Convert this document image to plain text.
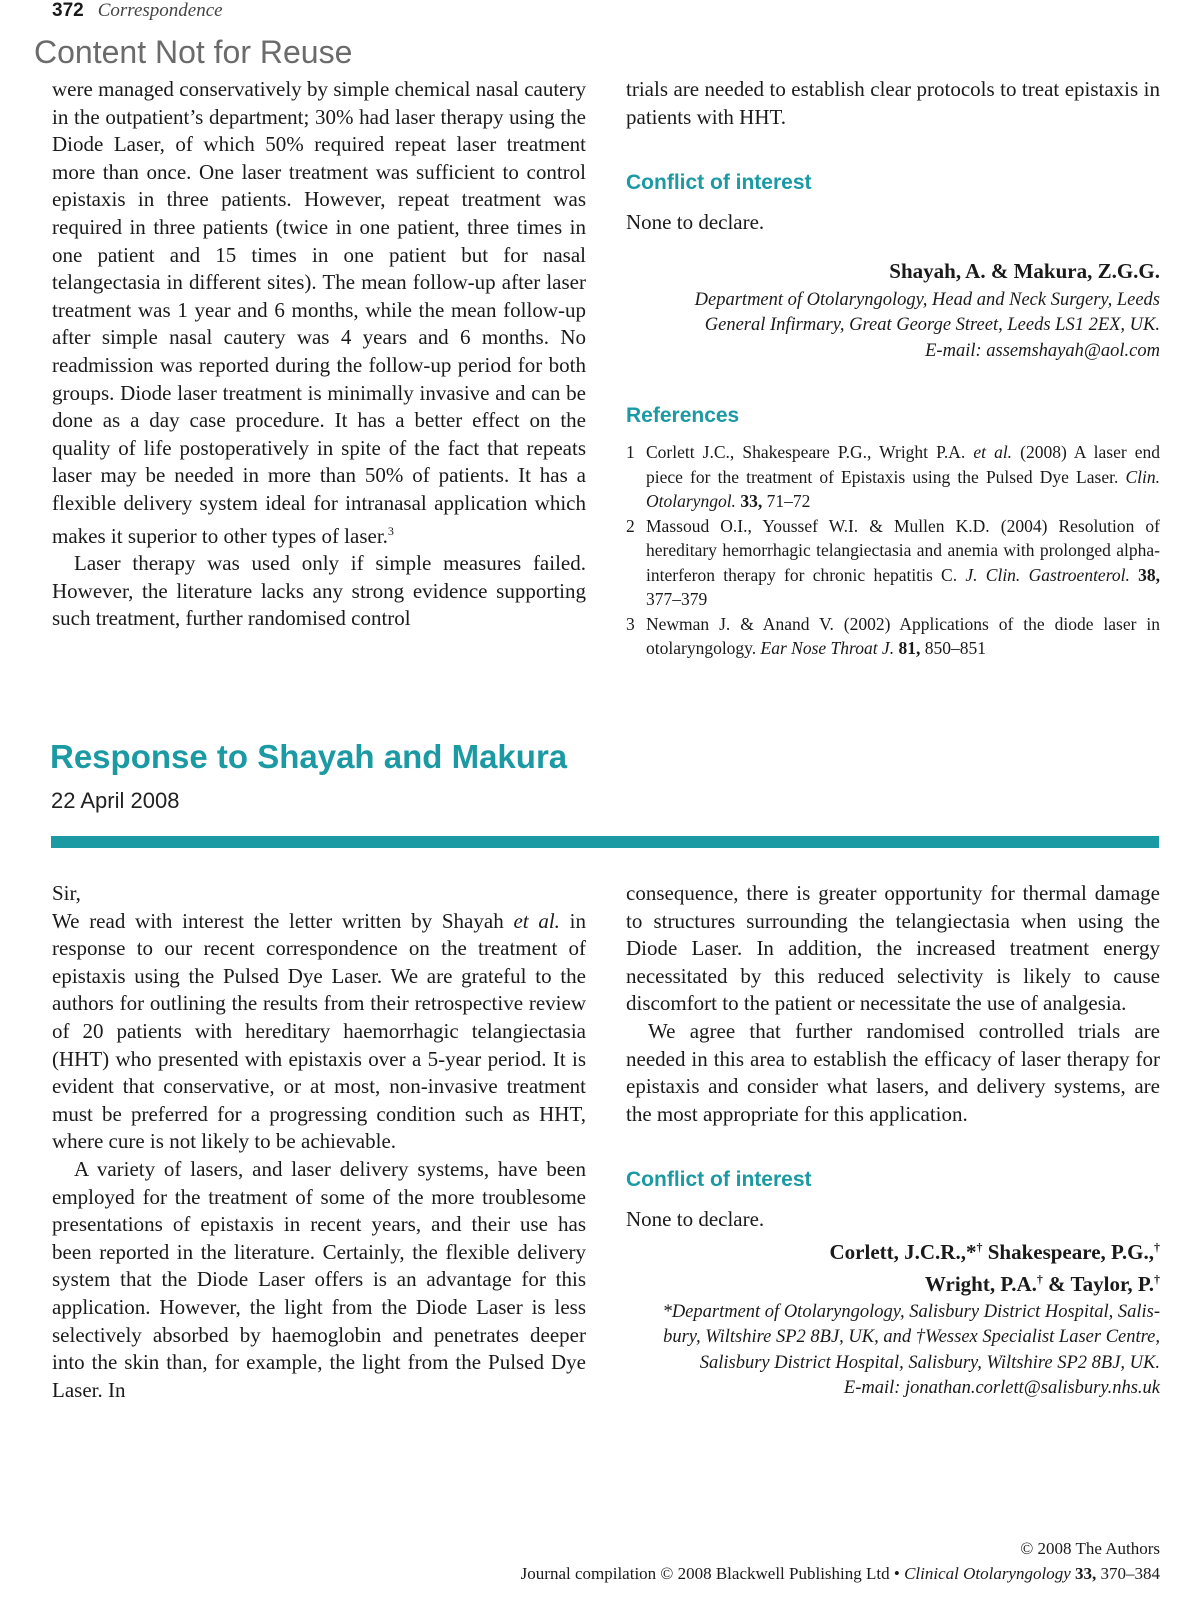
372 Correspondence
Content Not for Reuse

were managed conservatively by simple chemical nasal cautery in the outpatient’s department; 30% had laser therapy using the Diode Laser, of which 50% required repeat laser treatment more than once. One laser treatment was sufficient to control epistaxis in three patients. However, repeat treatment was required in three patients (twice in one patient, three times in one patient and 15 times in one patient but for nasal telangectasia in different sites). The mean follow-up after laser treatment was 1 year and 6 months, while the mean follow-up after simple nasal cautery was 4 years and 6 months. No readmission was reported during the follow-up period for both groups. Diode laser treatment is minimally invasive and can be done as a day case procedure. It has a better effect on the quality of life postoperatively in spite of the fact that repeats laser may be needed in more than 50% of patients. It has a flexible delivery system ideal for intranasal application which makes it superior to other types of laser.$^3$

Laser therapy was used only if simple measures failed. However, the literature lacks any strong evidence supporting such treatment, further randomised control

trials are needed to establish clear protocols to treat epistaxis in patients with HHT.

Conflict of interest

None to declare.

Shayah, A. & Makura, Z.G.G.
Department of Otolaryngology, Head and Neck Surgery, Leeds
General Infirmary, Great George Street, Leeds LS1 2EX, UK.
E-mail: assemshayah@aol.com
References
1 Corlett J.C., Shakespeare P.G., Wright P.A. et al. (2008) A laser end piece for the treatment of Epistaxis using the Pulsed Dye Laser. Clin. Otolaryngol. 33, 71–72
2 Massoud O.I., Youssef W.I. & Mullen K.D. (2004) Resolution of hereditary hemorrhagic telangiectasia and anemia with prolonged alpha-interferon therapy for chronic hepatitis C. J. Clin. Gastroenterol. 38, 377–379
3 Newman J. & Anand V. (2002) Applications of the diode laser in otolaryngology. Ear Nose Throat J. 81, 850–851
Response to Shayah and Makura
22 April 2008

Sir,

We read with interest the letter written by Shayah et al. in response to our recent correspondence on the treatment of epistaxis using the Pulsed Dye Laser. We are grateful to the authors for outlining the results from their retrospective review of 20 patients with hereditary haemorrhagic telangiectasia (HHT) who presented with epistaxis over a 5-year period. It is evident that conservative, or at most, non-invasive treatment must be preferred for a progressing condition such as HHT, where cure is not likely to be achievable.

A variety of lasers, and laser delivery systems, have been employed for the treatment of some of the more troublesome presentations of epistaxis in recent years, and their use has been reported in the literature. Certainly, the flexible delivery system that the Diode Laser offers is an advantage for this application. However, the light from the Diode Laser is less selectively absorbed by haemoglobin and penetrates deeper into the skin than, for example, the light from the Pulsed Dye Laser. In

consequence, there is greater opportunity for thermal damage to structures surrounding the telangiectasia when using the Diode Laser. In addition, the increased treatment energy necessitated by this reduced selectivity is likely to cause discomfort to the patient or necessitate the use of analgesia.

We agree that further randomised controlled trials are needed in this area to establish the efficacy of laser therapy for epistaxis and consider what lasers, and delivery systems, are the most appropriate for this application.

Conflict of interest

None to declare.

Corlett, J.C.R.,*† Shakespeare, P.G.,†
Wright, P.A.† & Taylor, P.†
*Department of Otolaryngology, Salisbury District Hospital, Salis-
bury, Wiltshire SP2 8BJ, UK, and †Wessex Specialist Laser Centre,
Salisbury District Hospital, Salisbury, Wiltshire SP2 8BJ, UK.
E-mail: jonathan.corlett@salisbury.nhs.uk
© 2008 The Authors
Journal compilation © 2008 Blackwell Publishing Ltd • Clinical Otolaryngology 33, 370–384
